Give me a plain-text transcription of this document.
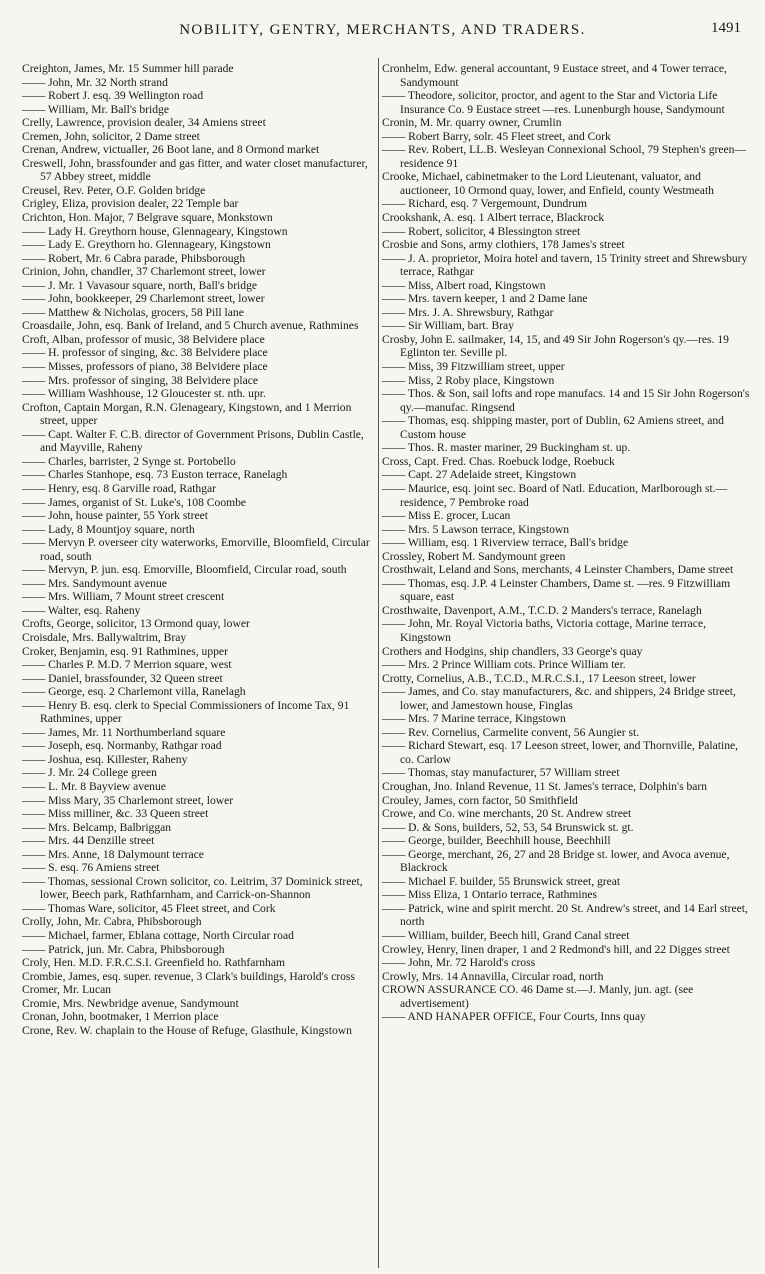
NOBILITY, GENTRY, MERCHANTS, AND TRADERS.	1491

Creighton, James, Mr. 15 Summer hill parade

—— John, Mr. 32 North strand

—— Robert J. esq. 39 Wellington road

—— William, Mr. Ball's bridge

Crelly, Lawrence, provision dealer, 34 Amiens street

Cremen, John, solicitor, 2 Dame street

Crenan, Andrew, victualler, 26 Boot lane, and 8 Ormond market

Creswell, John, brassfounder and gas fitter, and water closet manufacturer, 57 Abbey street, middle

Creusel, Rev. Peter, O.F. Golden bridge

Crigley, Eliza, provision dealer, 22 Temple bar

Crichton, Hon. Major, 7 Belgrave square, Monkstown

—— Lady H. Greythorn house, Glennageary, Kingstown

—— Lady E. Greythorn ho. Glennageary, Kingstown

—— Robert, Mr. 6 Cabra parade, Phibsborough

Crinion, John, chandler, 37 Charlemont street, lower

—— J. Mr. 1 Vavasour square, north, Ball's bridge

—— John, bookkeeper, 29 Charlemont street, lower

—— Matthew & Nicholas, grocers, 58 Pill lane

Croasdaile, John, esq. Bank of Ireland, and 5 Church avenue, Rathmines

Croft, Alban, professor of music, 38 Belvidere place

—— H. professor of singing, &c. 38 Belvidere place

—— Misses, professors of piano, 38 Belvidere place

—— Mrs. professor of singing, 38 Belvidere place

—— William Washhouse, 12 Gloucester st. nth. upr.

Crofton, Captain Morgan, R.N. Glenageary, Kingstown, and 1 Merrion street, upper

—— Capt. Walter F. C.B. director of Government Prisons, Dublin Castle, and Mayville, Raheny

—— Charles, barrister, 2 Synge st. Portobello

—— Charles Stanhope, esq. 73 Euston terrace, Ranelagh

—— Henry, esq. 8 Garville road, Rathgar

—— James, organist of St. Luke's, 108 Coombe

—— John, house painter, 55 York street

—— Lady, 8 Mountjoy square, north

—— Mervyn P. overseer city waterworks, Emorville, Bloomfield, Circular road, south

—— Mervyn, P. jun. esq. Emorville, Bloomfield, Circular road, south

—— Mrs. Sandymount avenue

—— Mrs. William, 7 Mount street crescent

—— Walter, esq. Raheny

Crofts, George, solicitor, 13 Ormond quay, lower

Croisdale, Mrs. Ballywaltrim, Bray

Croker, Benjamin, esq. 91 Rathmines, upper

—— Charles P. M.D. 7 Merrion square, west

—— Daniel, brassfounder, 32 Queen street

—— George, esq. 2 Charlemont villa, Ranelagh

—— Henry B. esq. clerk to Special Commissioners of Income Tax, 91 Rathmines, upper

—— James, Mr. 11 Northumberland square

—— Joseph, esq. Normanby, Rathgar road

—— Joshua, esq. Killester, Raheny

—— J. Mr. 24 College green

—— L. Mr. 8 Bayview avenue

—— Miss Mary, 35 Charlemont street, lower

—— Miss milliner, &c. 33 Queen street

—— Mrs. Belcamp, Balbriggan

—— Mrs. 44 Denzille street

—— Mrs. Anne, 18 Dalymount terrace

—— S. esq. 76 Amiens street

—— Thomas, sessional Crown solicitor, co. Leitrim, 37 Dominick street, lower, Beech park, Rathfarnham, and Carrick-on-Shannon

—— Thomas Ware, solicitor, 45 Fleet street, and Cork

Crolly, John, Mr. Cabra, Phibsborough

—— Michael, farmer, Eblana cottage, North Circular road

—— Patrick, jun. Mr. Cabra, Phibsborough

Croly, Hen. M.D. F.R.C.S.I. Greenfield ho. Rathfarnham

Crombie, James, esq. super. revenue, 3 Clark's buildings, Harold's cross

Cromer, Mr. Lucan

Cromie, Mrs. Newbridge avenue, Sandymount

Cronan, John, bootmaker, 1 Merrion place

Crone, Rev. W. chaplain to the House of Refuge, Glasthule, Kingstown

Cronhelm, Edw. general accountant, 9 Eustace street, and 4 Tower terrace, Sandymount

—— Theodore, solicitor, proctor, and agent to the Star and Victoria Life Insurance Co. 9 Eustace street —res. Lunenburgh house, Sandymount

Cronin, M. Mr. quarry owner, Crumlin

—— Robert Barry, solr. 45 Fleet street, and Cork

—— Rev. Robert, LL.B. Wesleyan Connexional School, 79 Stephen's green—residence 91

Crooke, Michael, cabinetmaker to the Lord Lieutenant, valuator, and auctioneer, 10 Ormond quay, lower, and Enfield, county Westmeath

—— Richard, esq. 7 Vergemount, Dundrum

Crookshank, A. esq. 1 Albert terrace, Blackrock

—— Robert, solicitor, 4 Blessington street

Crosbie and Sons, army clothiers, 178 James's street

—— J. A. proprietor, Moira hotel and tavern, 15 Trinity street and Shrewsbury terrace, Rathgar

—— Miss, Albert road, Kingstown

—— Mrs. tavern keeper, 1 and 2 Dame lane

—— Mrs. J. A. Shrewsbury, Rathgar

—— Sir William, bart. Bray

Crosby, John E. sailmaker, 14, 15, and 49 Sir John Rogerson's qy.—res. 19 Eglinton ter. Seville pl.

—— Miss, 39 Fitzwilliam street, upper

—— Miss, 2 Roby place, Kingstown

—— Thos. & Son, sail lofts and rope manufacs. 14 and 15 Sir John Rogerson's qy.—manufac. Ringsend

—— Thomas, esq. shipping master, port of Dublin, 62 Amiens street, and Custom house

—— Thos. R. master mariner, 29 Buckingham st. up.

Cross, Capt. Fred. Chas. Roebuck lodge, Roebuck

—— Capt. 27 Adelaide street, Kingstown

—— Maurice, esq. joint sec. Board of Natl. Education, Marlborough st.—residence, 7 Pembroke road

—— Miss E. grocer, Lucan

—— Mrs. 5 Lawson terrace, Kingstown

—— William, esq. 1 Riverview terrace, Ball's bridge

Crossley, Robert M. Sandymount green

Crosthwait, Leland and Sons, merchants, 4 Leinster Chambers, Dame street

—— Thomas, esq. J.P. 4 Leinster Chambers, Dame st. —res. 9 Fitzwilliam square, east

Crosthwaite, Davenport, A.M., T.C.D. 2 Manders's terrace, Ranelagh

—— John, Mr. Royal Victoria baths, Victoria cottage, Marine terrace, Kingstown

Crothers and Hodgins, ship chandlers, 33 George's quay

—— Mrs. 2 Prince William cots. Prince William ter.

Crotty, Cornelius, A.B., T.C.D., M.R.C.S.I., 17 Leeson street, lower

—— James, and Co. stay manufacturers, &c. and shippers, 24 Bridge street, lower, and Jamestown house, Finglas

—— Mrs. 7 Marine terrace, Kingstown

—— Rev. Cornelius, Carmelite convent, 56 Aungier st.

—— Richard Stewart, esq. 17 Leeson street, lower, and Thornville, Palatine, co. Carlow

—— Thomas, stay manufacturer, 57 William street

Croughan, Jno. Inland Revenue, 11 St. James's terrace, Dolphin's barn

Crouley, James, corn factor, 50 Smithfield

Crowe, and Co. wine merchants, 20 St. Andrew street

—— D. & Sons, builders, 52, 53, 54 Brunswick st. gt.

—— George, builder, Beechhill house, Beechhill

—— George, merchant, 26, 27 and 28 Bridge st. lower, and Avoca avenue, Blackrock

—— Michael F. builder, 55 Brunswick street, great

—— Miss Eliza, 1 Ontario terrace, Rathmines

—— Patrick, wine and spirit mercht. 20 St. Andrew's street, and 14 Earl street, north

—— William, builder, Beech hill, Grand Canal street

Crowley, Henry, linen draper, 1 and 2 Redmond's hill, and 22 Digges street

—— John, Mr. 72 Harold's cross

Crowly, Mrs. 14 Annavilla, Circular road, north

CROWN ASSURANCE CO. 46 Dame st.—J. Manly, jun. agt. (see advertisement)

—— AND HANAPER OFFICE, Four Courts, Inns quay
